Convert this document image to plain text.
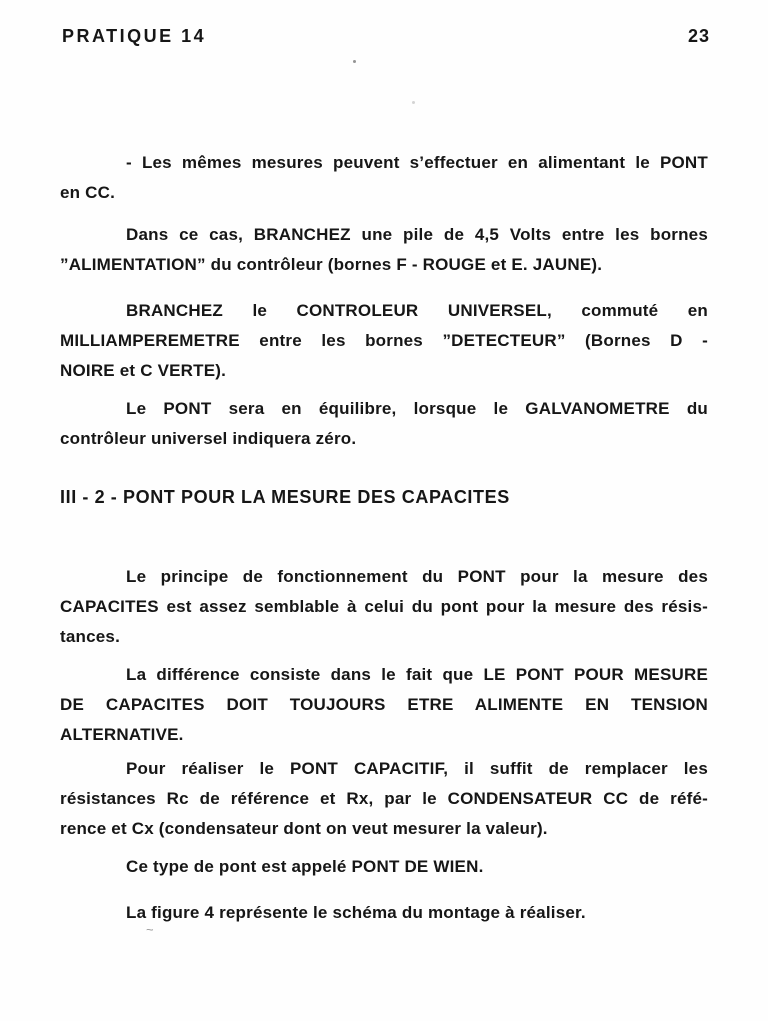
PRATIQUE 14	23
- Les mêmes mesures peuvent s’effectuer en alimentant le PONT
en CC.
Dans ce cas, BRANCHEZ une pile de 4,5 Volts entre les bornes
”ALIMENTATION” du contrôleur (bornes F - ROUGE et E. JAUNE).
BRANCHEZ le CONTROLEUR UNIVERSEL, commuté en
MILLIAMPEREMETRE entre les bornes ”DETECTEUR” (Bornes D -
NOIRE et C VERTE).
Le PONT sera en équilibre, lorsque le GALVANOMETRE du
contrôleur universel indiquera zéro.
III - 2 - PONT POUR LA MESURE DES CAPACITES
Le principe de fonctionnement du PONT pour la mesure des
CAPACITES est assez semblable à celui du pont pour la mesure des résis-
tances.
La différence consiste dans le fait que LE PONT POUR MESURE
DE CAPACITES DOIT TOUJOURS ETRE ALIMENTE EN TENSION
ALTERNATIVE.
Pour réaliser le PONT CAPACITIF, il suffit de remplacer les
résistances Rc de référence et Rx, par le CONDENSATEUR CC de réfé-
rence et Cx (condensateur dont on veut mesurer la valeur).
Ce type de pont est appelé PONT DE WIEN.
La figure 4 représente le schéma du montage à réaliser.
~
